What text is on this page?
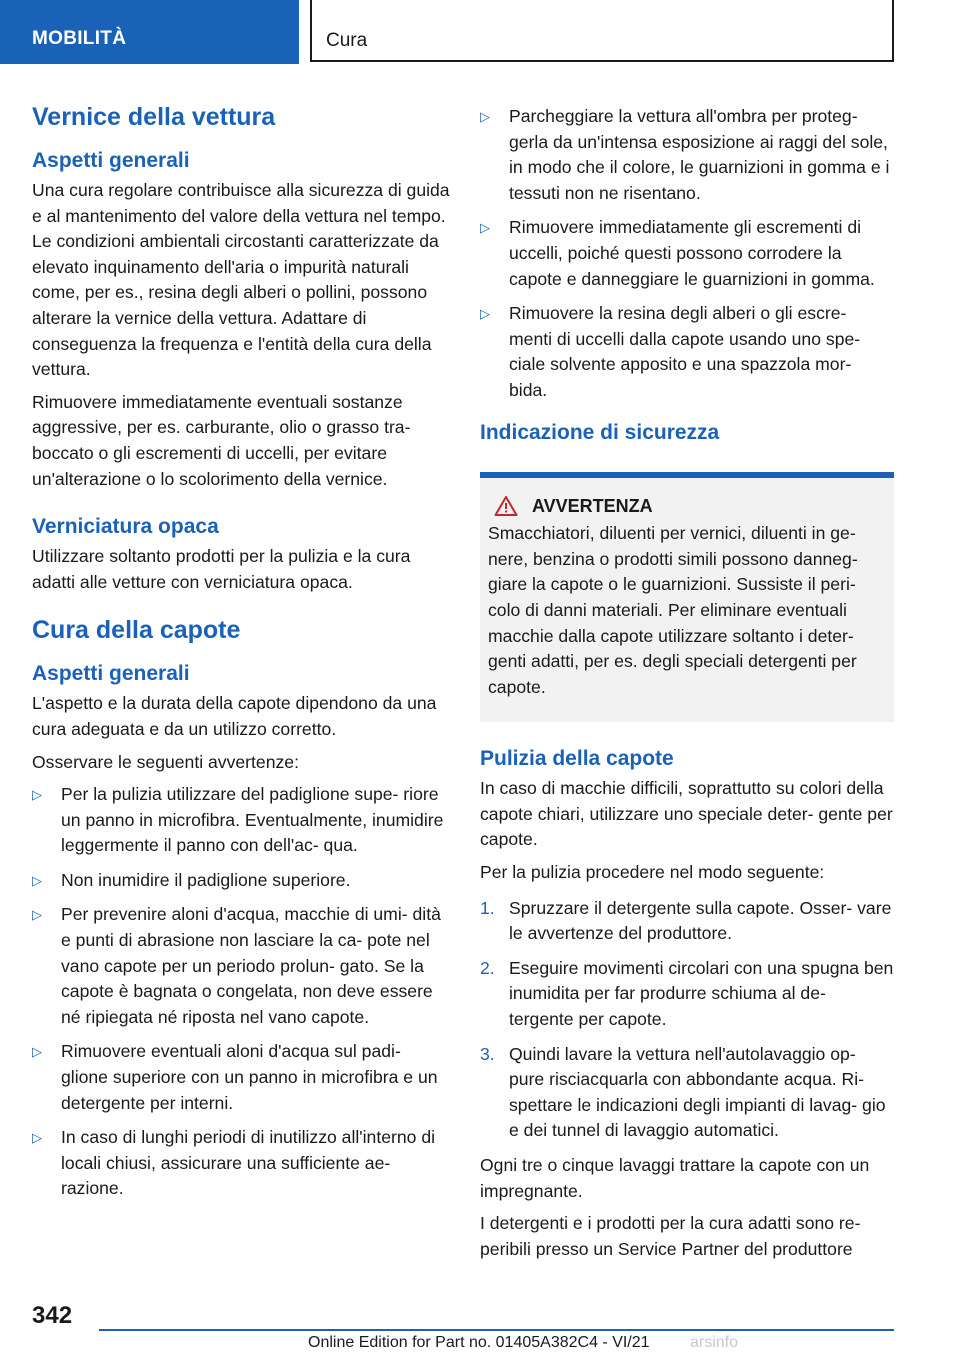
MOBILITÀ	Cura
Vernice della vettura
Aspetti generali

Una cura regolare contribuisce alla sicurezza di guida e al mantenimento del valore della vettura nel tempo. Le condizioni ambientali circostanti caratterizzate da elevato inquinamento dell'aria o impurità naturali come, per es., resina degli alberi o pollini, possono alterare la vernice della vettura. Adattare di conseguenza la frequenza e l'entità della cura della vettura.

Rimuovere immediatamente eventuali sostanze aggressive, per es. carburante, olio o grasso tra- boccato o gli escrementi di uccelli, per evitare un'alterazione o lo scolorimento della vernice.

Verniciatura opaca

Utilizzare soltanto prodotti per la pulizia e la cura adatti alle vetture con verniciatura opaca.

Cura della capote
Aspetti generali

L'aspetto e la durata della capote dipendono da una cura adeguata e da un utilizzo corretto.

Osservare le seguenti avvertenze:

▷ Per la pulizia utilizzare del padiglione supe- riore un panno in microfibra. Eventualmente, inumidire leggermente il panno con dell'ac- qua.
▷ Non inumidire il padiglione superiore.
▷ Per prevenire aloni d'acqua, macchie di umi- dità e punti di abrasione non lasciare la ca- pote nel vano capote per un periodo prolun- gato. Se la capote è bagnata o congelata, non deve essere né ripiegata né riposta nel vano capote.
▷ Rimuovere eventuali aloni d'acqua sul padi- glione superiore con un panno in microfibra e un detergente per interni.
▷ In caso di lunghi periodi di inutilizzo all'interno di locali chiusi, assicurare una sufficiente ae- razione.
▷ Parcheggiare la vettura all'ombra per proteg- gerla da un'intensa esposizione ai raggi del sole, in modo che il colore, le guarnizioni in gomma e i tessuti non ne risentano.
▷ Rimuovere immediatamente gli escrementi di uccelli, poiché questi possono corrodere la capote e danneggiare le guarnizioni in gomma.
▷ Rimuovere la resina degli alberi o gli escre- menti di uccelli dalla capote usando uno spe- ciale solvente apposito e una spazzola mor- bida.
Indicazione di sicurezza
AVVERTENZA
Smacchiatori, diluenti per vernici, diluenti in ge- nere, benzina o prodotti simili possono danneg- giare la capote o le guarnizioni. Sussiste il peri- colo di danni materiali. Per eliminare eventuali macchie dalla capote utilizzare soltanto i deter- genti adatti, per es. degli speciali detergenti per capote.
Pulizia della capote

In caso di macchie difficili, soprattutto su colori della capote chiari, utilizzare uno speciale deter- gente per capote.

Per la pulizia procedere nel modo seguente:

1. Spruzzare il detergente sulla capote. Osser- vare le avvertenze del produttore.
2. Eseguire movimenti circolari con una spugna ben inumidita per far produrre schiuma al de- tergente per capote.
3. Quindi lavare la vettura nell'autolavaggio op- pure risciacquarla con abbondante acqua. Ri- spettare le indicazioni degli impianti di lavag- gio e dei tunnel di lavaggio automatici.

Ogni tre o cinque lavaggi trattare la capote con un impregnante.

I detergenti e i prodotti per la cura adatti sono re- peribili presso un Service Partner del produttore

342
Online Edition for Part no. 01405A382C4 - VI/21	arsinfo
